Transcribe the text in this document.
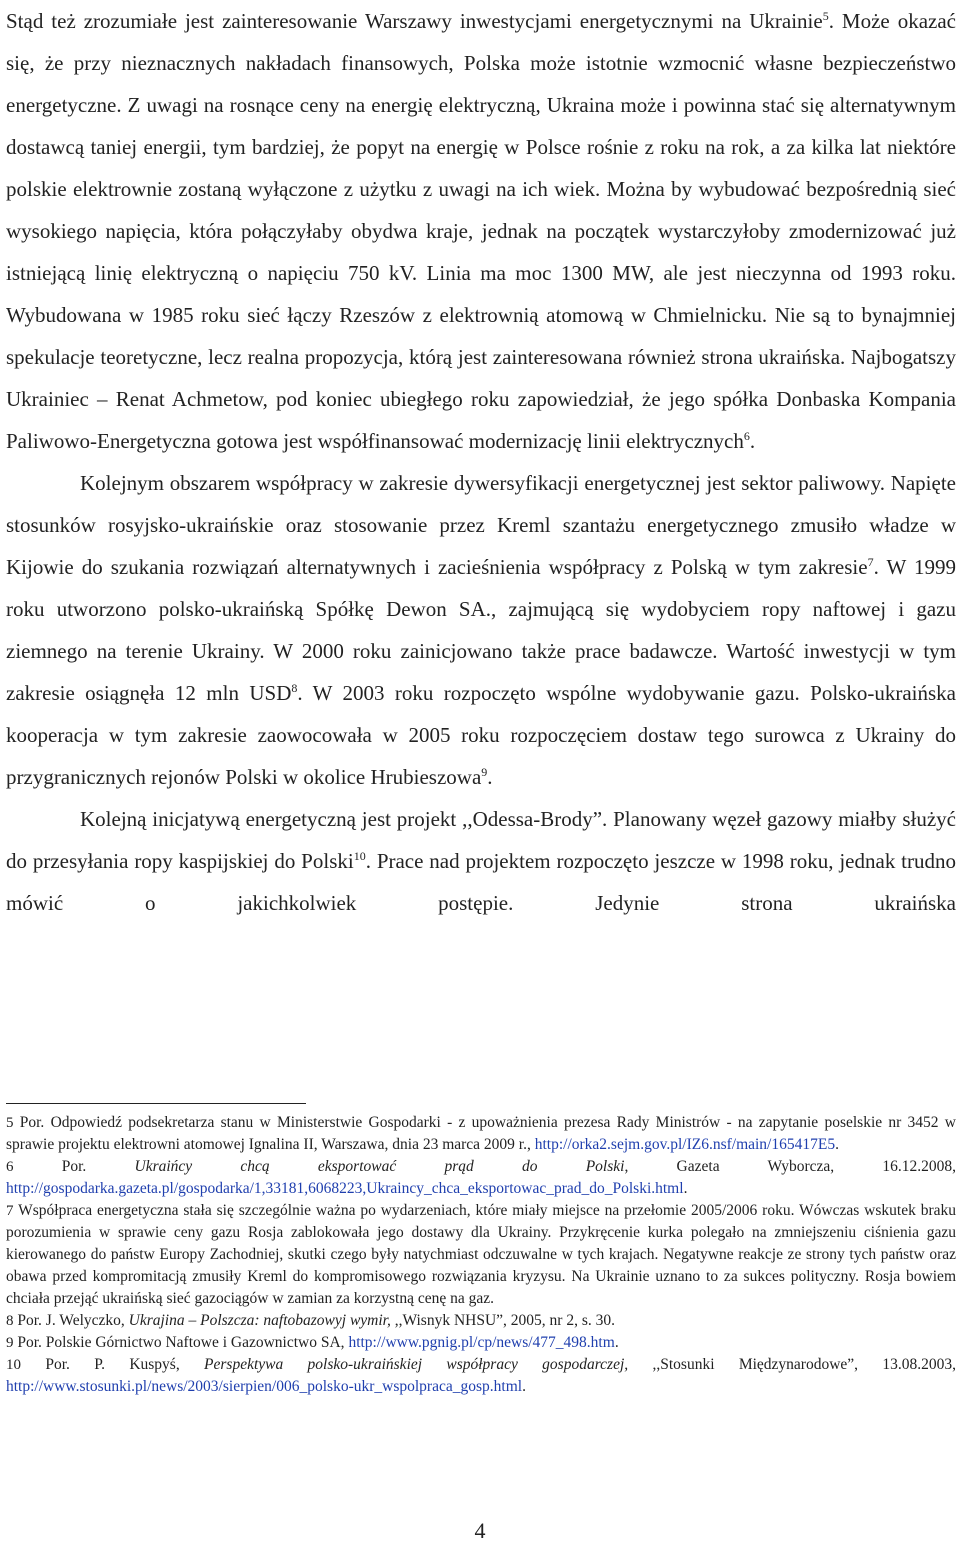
Stąd też zrozumiałe jest zainteresowanie Warszawy inwestycjami energetycznymi na Ukrainie$^5$. Może okazać się, że przy nieznacznych nakładach finansowych, Polska może istotnie wzmocnić własne bezpieczeństwo energetyczne. Z uwagi na rosnące ceny na energię elektryczną, Ukraina może i powinna stać się alternatywnym dostawcą taniej energii, tym bardziej, że popyt na energię w Polsce rośnie z roku na rok, a za kilka lat niektóre polskie elektrownie zostaną wyłączone z użytku z uwagi na ich wiek. Można by wybudować bezpośrednią sieć wysokiego napięcia, która połączyłaby obydwa kraje, jednak na początek wystarczyłoby zmodernizować już istniejącą linię elektryczną o napięciu 750 kV. Linia ma moc 1300 MW, ale jest nieczynna od 1993 roku. Wybudowana w 1985 roku sieć łączy Rzeszów z elektrownią atomową w Chmielnicku. Nie są to bynajmniej spekulacje teoretyczne, lecz realna propozycja, którą jest zainteresowana również strona ukraińska. Najbogatszy Ukrainiec – Renat Achmetow, pod koniec ubiegłego roku zapowiedział, że jego spółka Donbaska Kompania Paliwowo-Energetyczna gotowa jest współfinansować modernizację linii elektrycznych$^6$.

Kolejnym obszarem współpracy w zakresie dywersyfikacji energetycznej jest sektor paliwowy. Napięte stosunków rosyjsko-ukraińskie oraz stosowanie przez Kreml szantażu energetycznego zmusiło władze w Kijowie do szukania rozwiązań alternatywnych i zacieśnienia współpracy z Polską w tym zakresie$^7$. W 1999 roku utworzono polsko-ukraińską Spółkę Dewon SA., zajmującą się wydobyciem ropy naftowej i gazu ziemnego na terenie Ukrainy. W 2000 roku zainicjowano także prace badawcze. Wartość inwestycji w tym zakresie osiągnęła 12 mln USD$^8$. W 2003 roku rozpoczęto wspólne wydobywanie gazu. Polsko-ukraińska kooperacja w tym zakresie zaowocowała w 2005 roku rozpoczęciem dostaw tego surowca z Ukrainy do przygranicznych rejonów Polski w okolice Hrubieszowa$^9$.

Kolejną inicjatywą energetyczną jest projekt ,,Odessa-Brody”. Planowany węzeł gazowy miałby służyć do przesyłania ropy kaspijskiej do Polski$^{10}$. Prace nad projektem rozpoczęto jeszcze w 1998 roku, jednak trudno mówić o jakichkolwiek postępie. Jedynie strona ukraińska

5 Por. Odpowiedź podsekretarza stanu w Ministerstwie Gospodarki - z upoważnienia prezesa Rady Ministrów - na zapytanie poselskie nr 3452 w sprawie projektu elektrowni atomowej Ignalina II, Warszawa, dnia 23 marca 2009 r., http://orka2.sejm.gov.pl/IZ6.nsf/main/165417E5.

6 Por. Ukraińcy chcą eksportować prąd do Polski, Gazeta Wyborcza, 16.12.2008, http://gospodarka.gazeta.pl/gospodarka/1,33181,6068223,Ukraincy_chca_eksportowac_prad_do_Polski.html.

7 Współpraca energetyczna stała się szczególnie ważna po wydarzeniach, które miały miejsce na przełomie 2005/2006 roku. Wówczas wskutek braku porozumienia w sprawie ceny gazu Rosja zablokowała jego dostawy dla Ukrainy. Przykręcenie kurka polegało na zmniejszeniu ciśnienia gazu kierowanego do państw Europy Zachodniej, skutki czego były natychmiast odczuwalne w tych krajach. Negatywne reakcje ze strony tych państw oraz obawa przed kompromitacją zmusiły Kreml do kompromisowego rozwiązania kryzysu. Na Ukrainie uznano to za sukces polityczny. Rosja bowiem chciała przejąć ukraińską sieć gazociągów w zamian za korzystną cenę na gaz.

8 Por. J. Welyczko, Ukrajina – Polszcza: naftobazowyj wymir, ,,Wisnyk NHSU”, 2005, nr 2, s. 30.

9 Por. Polskie Górnictwo Naftowe i Gazownictwo SA, http://www.pgnig.pl/cp/news/477_498.htm.

10 Por. P. Kuspyś, Perspektywa polsko-ukraińskiej współpracy gospodarczej, ,,Stosunki Międzynarodowe”, 13.08.2003, http://www.stosunki.pl/news/2003/sierpien/006_polsko-ukr_wspolpraca_gosp.html.

4
